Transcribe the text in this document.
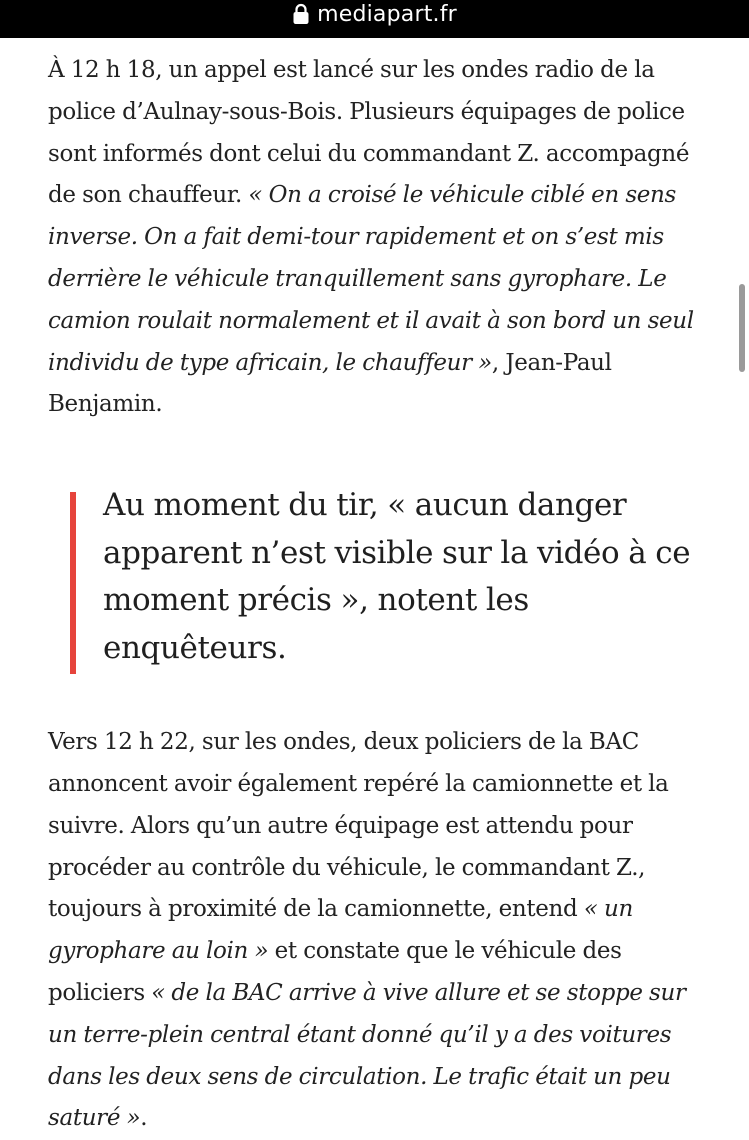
mediapart.fr

À 12 h 18, un appel est lancé sur les ondes radio de la police d’Aulnay-sous-Bois. Plusieurs équipages de police sont informés dont celui du commandant Z. accompagné de son chauffeur. « On a croisé le véhicule ciblé en sens inverse. On a fait demi-tour rapidement et on s’est mis derrière le véhicule tranquillement sans gyrophare. Le camion roulait normalement et il avait à son bord un seul individu de type africain, le chauffeur », Jean-Paul Benjamin.

Au moment du tir, « aucun danger apparent n’est visible sur la vidéo à ce moment précis », notent les enquêteurs.

Vers 12 h 22, sur les ondes, deux policiers de la BAC annoncent avoir également repéré la camionnette et la suivre. Alors qu’un autre équipage est attendu pour procéder au contrôle du véhicule, le commandant Z., toujours à proximité de la camionnette, entend « un gyrophare au loin » et constate que le véhicule des policiers « de la BAC arrive à vive allure et se stoppe sur un terre-plein central étant donné qu’il y a des voitures dans les deux sens de circulation. Le trafic était un peu saturé ».
